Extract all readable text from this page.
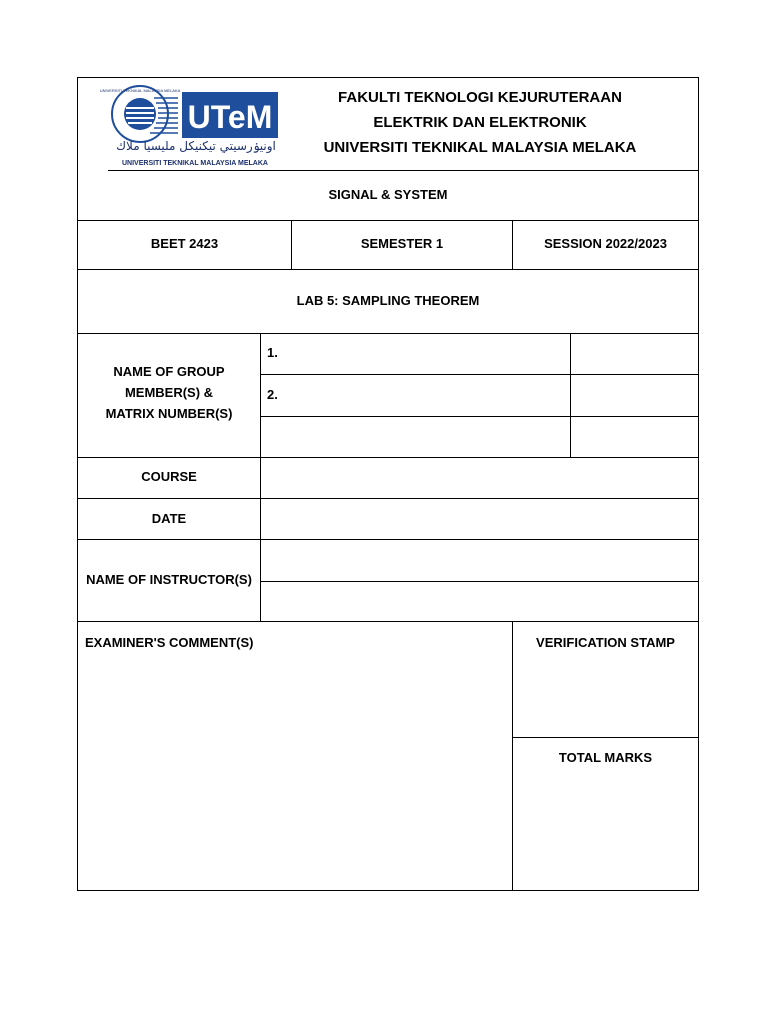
UNIVERSITI TEKNIKAL MALAYSIA MELAKA
UTeM
اونيۏرسيتي تيكنيكل مليسيا ملاك
UNIVERSITI TEKNIKAL MALAYSIA MELAKA
FAKULTI TEKNOLOGI KEJURUTERAAN
ELEKTRIK DAN ELEKTRONIK
UNIVERSITI TEKNIKAL MALAYSIA MELAKA
SIGNAL & SYSTEM
BEET 2423	SEMESTER 1	SESSION 2022/2023
LAB 5: SAMPLING THEOREM
NAME OF GROUP
MEMBER(S) &
MATRIX NUMBER(S)
1.
2.
COURSE
DATE
NAME OF INSTRUCTOR(S)
EXAMINER'S COMMENT(S)	VERIFICATION STAMP
TOTAL MARKS
